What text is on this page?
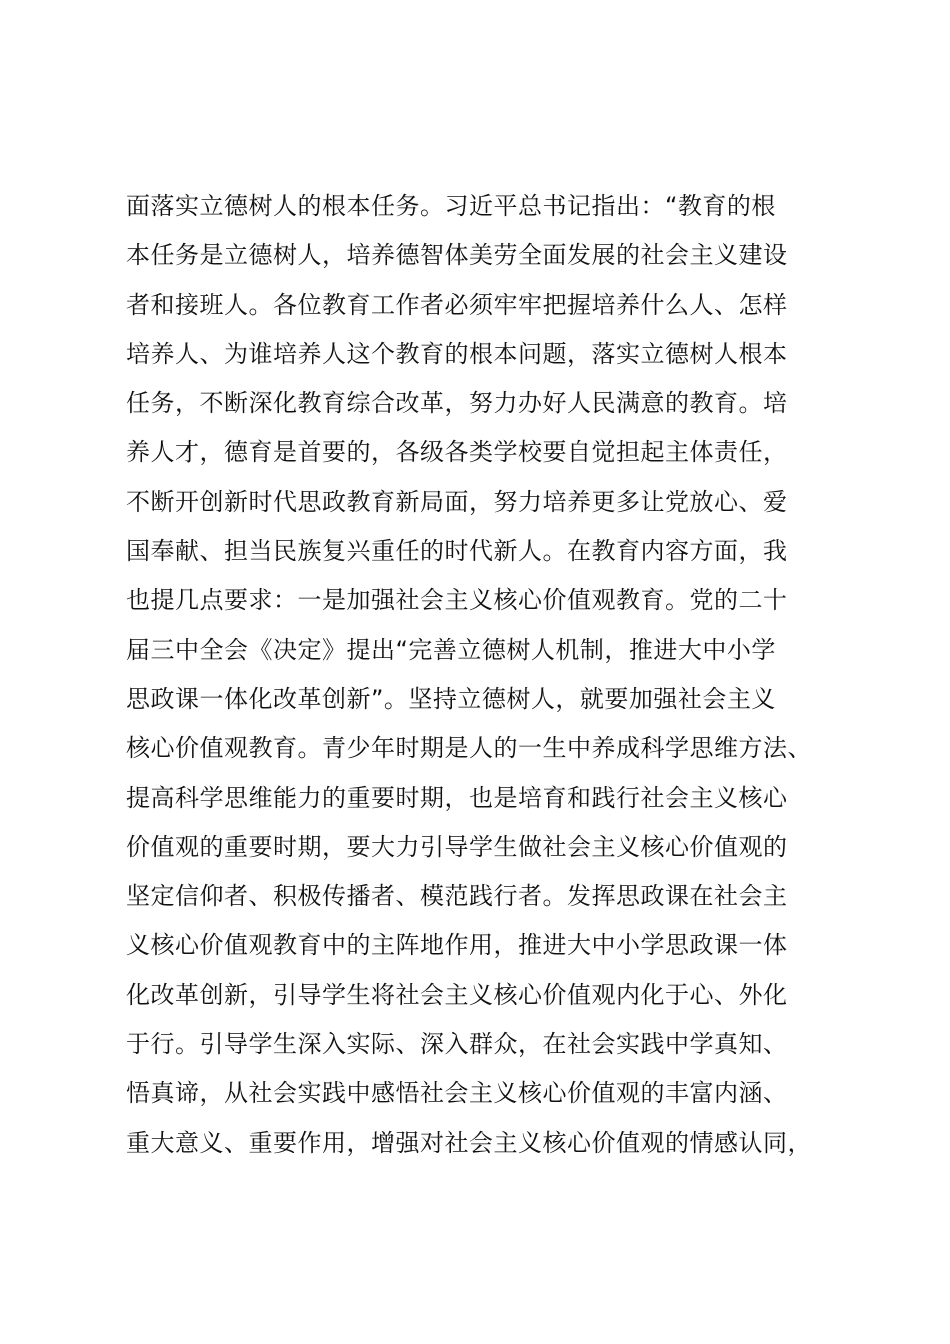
面落实立德树人的根本任务。习近平总书记指出：“教育的根
本任务是立德树人，培养德智体美劳全面发展的社会主义建设
者和接班人。各位教育工作者必须牢牢把握培养什么人、怎样
培养人、为谁培养人这个教育的根本问题，落实立德树人根本
任务，不断深化教育综合改革，努力办好人民满意的教育。培
养人才，德育是首要的，各级各类学校要自觉担起主体责任，
不断开创新时代思政教育新局面，努力培养更多让党放心、爱
国奉献、担当民族复兴重任的时代新人。在教育内容方面，我
也提几点要求：一是加强社会主义核心价值观教育。党的二十
届三中全会《决定》提出“完善立德树人机制，推进大中小学
思政课一体化改革创新”。坚持立德树人，就要加强社会主义
核心价值观教育。青少年时期是人的一生中养成科学思维方法、
提高科学思维能力的重要时期，也是培育和践行社会主义核心
价值观的重要时期，要大力引导学生做社会主义核心价值观的
坚定信仰者、积极传播者、模范践行者。发挥思政课在社会主
义核心价值观教育中的主阵地作用，推进大中小学思政课一体
化改革创新，引导学生将社会主义核心价值观内化于心、外化
于行。引导学生深入实际、深入群众，在社会实践中学真知、
悟真谛，从社会实践中感悟社会主义核心价值观的丰富内涵、
重大意义、重要作用，增强对社会主义核心价值观的情感认同，
